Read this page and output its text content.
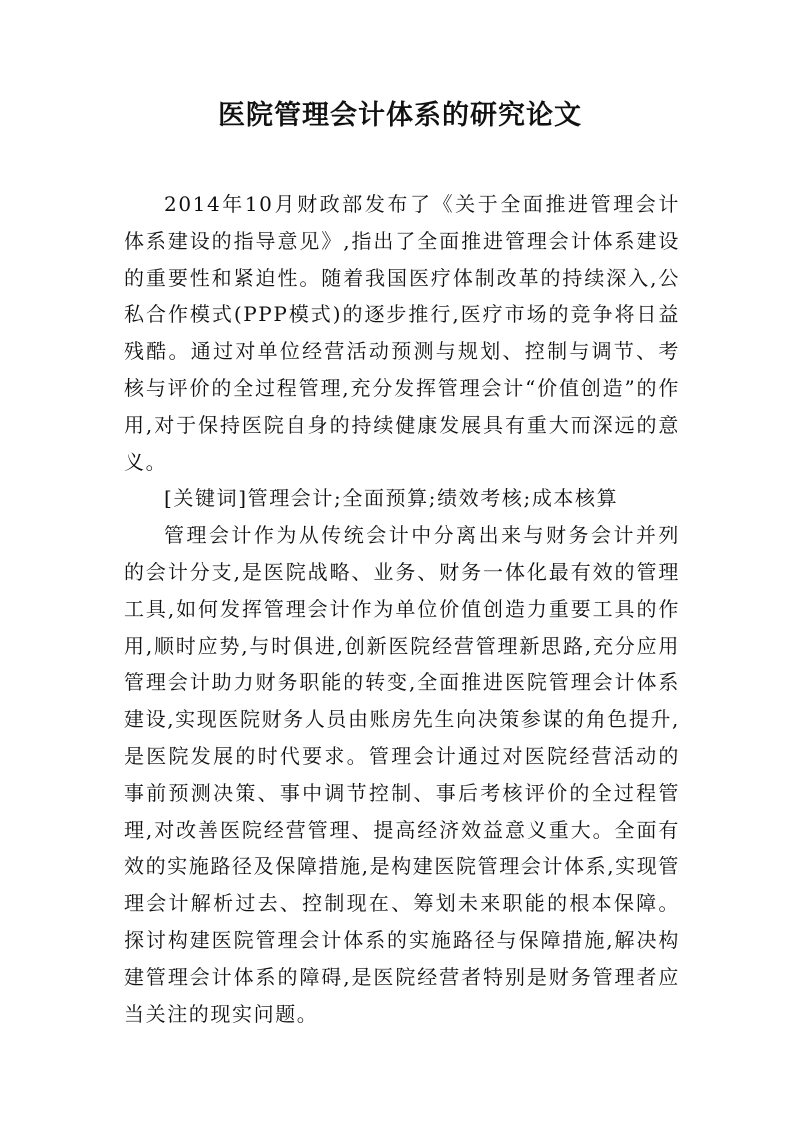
医院管理会计体系的研究论文

2014年10月财政部发布了《关于全面推进管理会计体系建设的指导意见》,指出了全面推进管理会计体系建设的重要性和紧迫性。随着我国医疗体制改革的持续深入,公私合作模式(PPP模式)的逐步推行,医疗市场的竞争将日益残酷。通过对单位经营活动预测与规划、控制与调节、考核与评价的全过程管理,充分发挥管理会计“价值创造”的作用,对于保持医院自身的持续健康发展具有重大而深远的意义。

[关键词]管理会计;全面预算;绩效考核;成本核算

管理会计作为从传统会计中分离出来与财务会计并列的会计分支,是医院战略、业务、财务一体化最有效的管理工具,如何发挥管理会计作为单位价值创造力重要工具的作用,顺时应势,与时俱进,创新医院经营管理新思路,充分应用管理会计助力财务职能的转变,全面推进医院管理会计体系建设,实现医院财务人员由账房先生向决策参谋的角色提升,是医院发展的时代要求。管理会计通过对医院经营活动的事前预测决策、事中调节控制、事后考核评价的全过程管理,对改善医院经营管理、提高经济效益意义重大。全面有效的实施路径及保障措施,是构建医院管理会计体系,实现管理会计解析过去、控制现在、筹划未来职能的根本保障。探讨构建医院管理会计体系的实施路径与保障措施,解决构建管理会计体系的障碍,是医院经营者特别是财务管理者应当关注的现实问题。
